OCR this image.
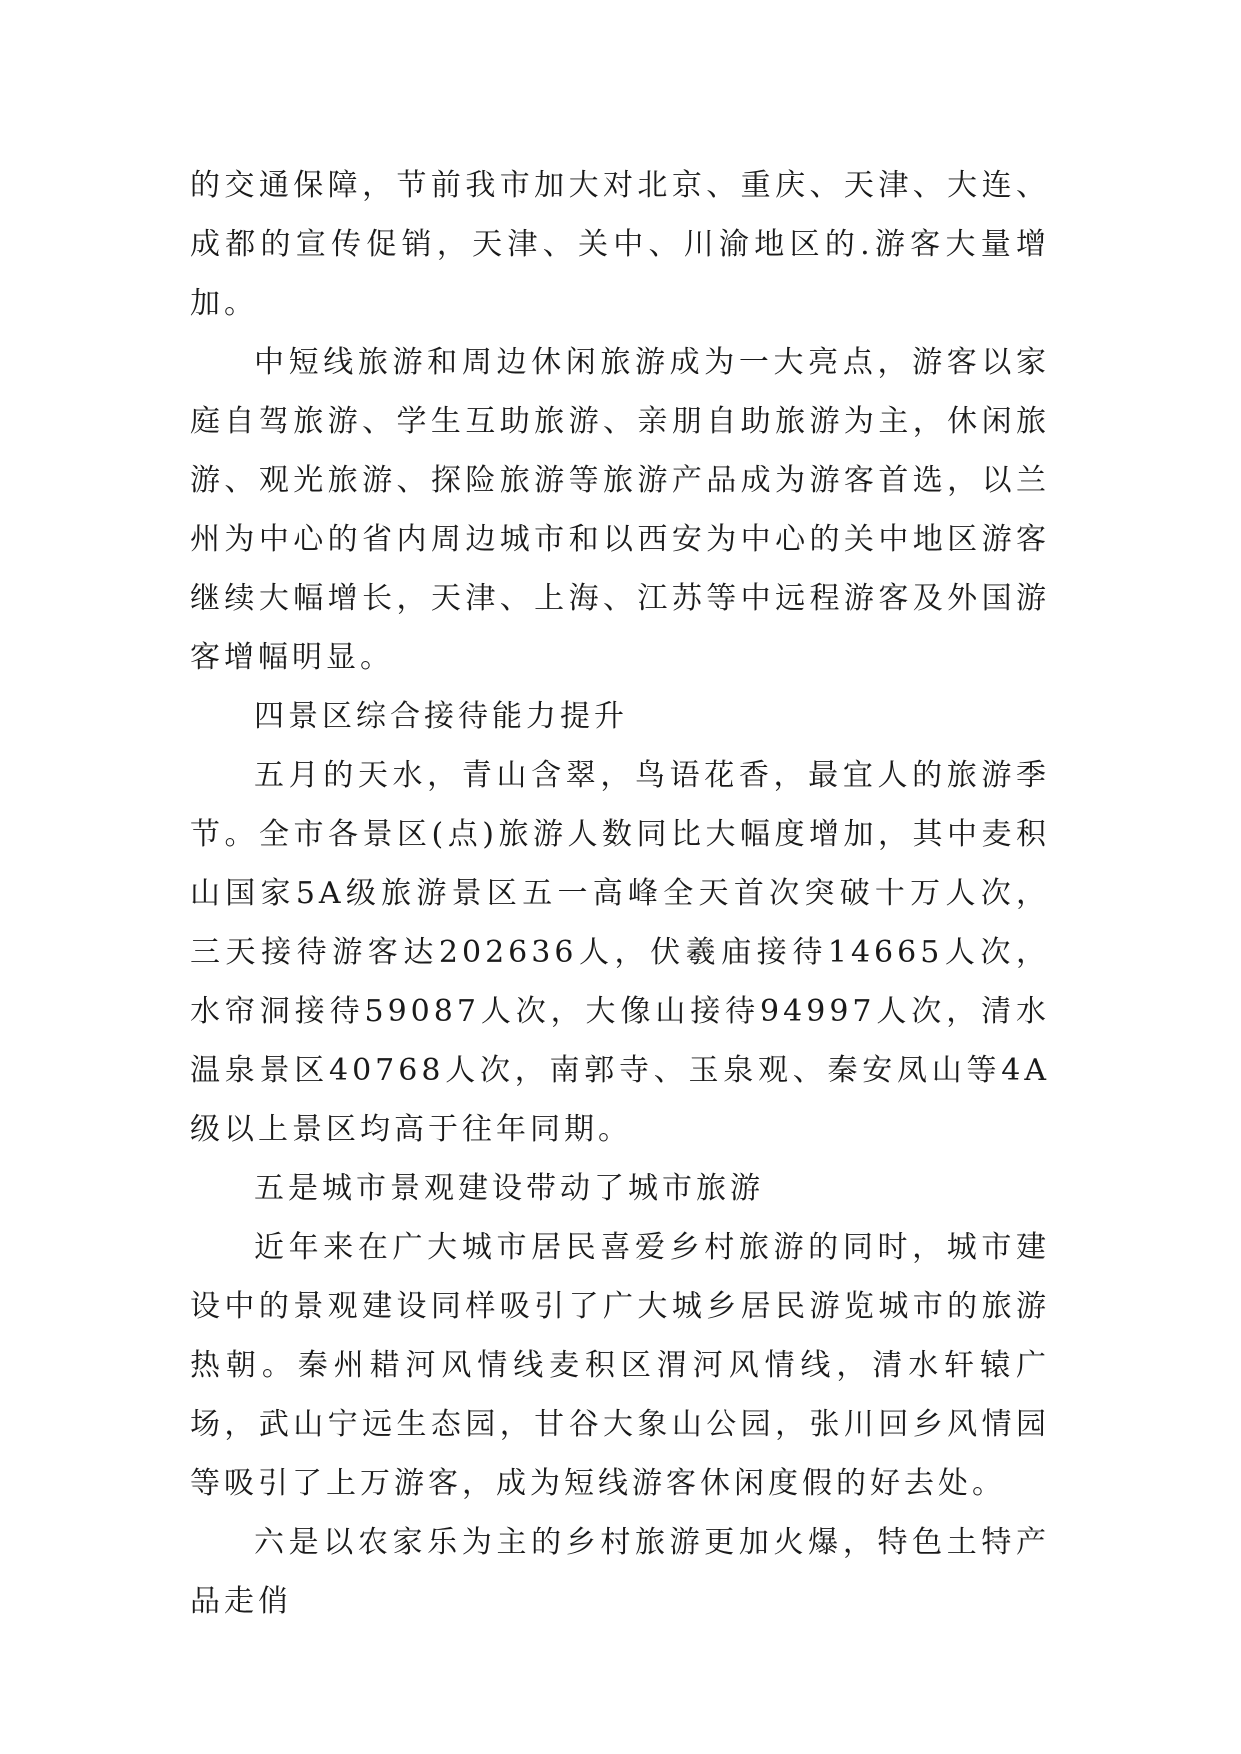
的交通保障，节前我市加大对北京、重庆、天津、大连、成都的宣传促销，天津、关中、川渝地区的.游客大量增加。

中短线旅游和周边休闲旅游成为一大亮点，游客以家庭自驾旅游、学生互助旅游、亲朋自助旅游为主，休闲旅游、观光旅游、探险旅游等旅游产品成为游客首选，以兰州为中心的省内周边城市和以西安为中心的关中地区游客继续大幅增长，天津、上海、江苏等中远程游客及外国游客增幅明显。

四景区综合接待能力提升

五月的天水，青山含翠，鸟语花香，最宜人的旅游季节。全市各景区(点)旅游人数同比大幅度增加，其中麦积山国家5A级旅游景区五一高峰全天首次突破十万人次，三天接待游客达202636人，伏羲庙接待14665人次，水帘洞接待59087人次，大像山接待94997人次，清水温泉景区40768人次，南郭寺、玉泉观、秦安凤山等4A级以上景区均高于往年同期。

五是城市景观建设带动了城市旅游

近年来在广大城市居民喜爱乡村旅游的同时，城市建设中的景观建设同样吸引了广大城乡居民游览城市的旅游热朝。秦州耤河风情线麦积区渭河风情线，清水轩辕广场，武山宁远生态园，甘谷大象山公园，张川回乡风情园等吸引了上万游客，成为短线游客休闲度假的好去处。

六是以农家乐为主的乡村旅游更加火爆，特色土特产品走俏
